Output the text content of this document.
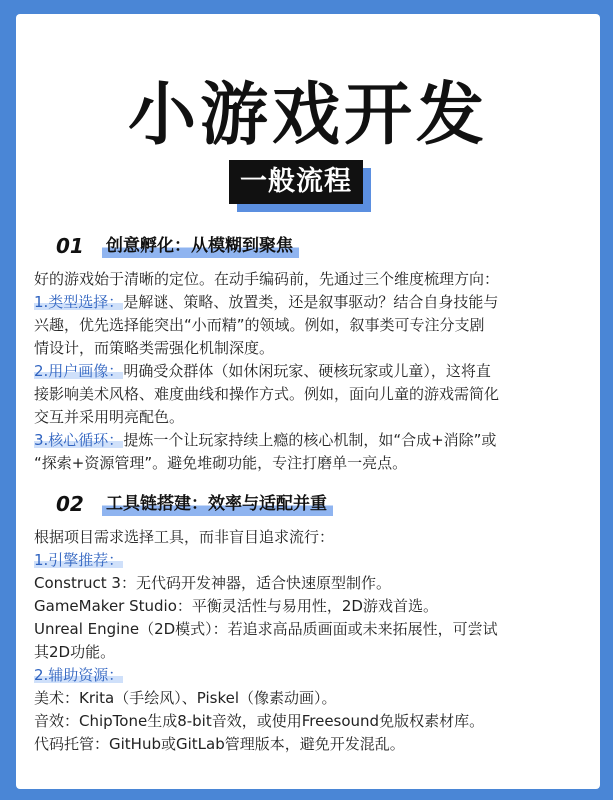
小游戏开发
一般流程
01 创意孵化：从模糊到聚焦
好的游戏始于清晰的定位。在动手编码前，先通过三个维度梳理方向：
1.类型选择：是解谜、策略、放置类，还是叙事驱动？结合自身技能与
兴趣，优先选择能突出“小而精”的领域。例如，叙事类可专注分支剧
情设计，而策略类需强化机制深度。
2.用户画像：明确受众群体（如休闲玩家、硬核玩家或儿童），这将直
接影响美术风格、难度曲线和操作方式。例如，面向儿童的游戏需简化
交互并采用明亮配色。
3.核心循环：提炼一个让玩家持续上瘾的核心机制，如“合成+消除”或
“探索+资源管理”。避免堆砌功能，专注打磨单一亮点。
02 工具链搭建：效率与适配并重
根据项目需求选择工具，而非盲目追求流行：
1.引擎推荐：
Construct 3：无代码开发神器，适合快速原型制作。
GameMaker Studio：平衡灵活性与易用性，2D游戏首选。
Unreal Engine（2D模式）：若追求高品质画面或未来拓展性，可尝试
其2D功能。
2.辅助资源：
美术：Krita（手绘风）、Piskel（像素动画）。
音效：ChipTone生成8-bit音效，或使用Freesound免版权素材库。
代码托管：GitHub或GitLab管理版本，避免开发混乱。
